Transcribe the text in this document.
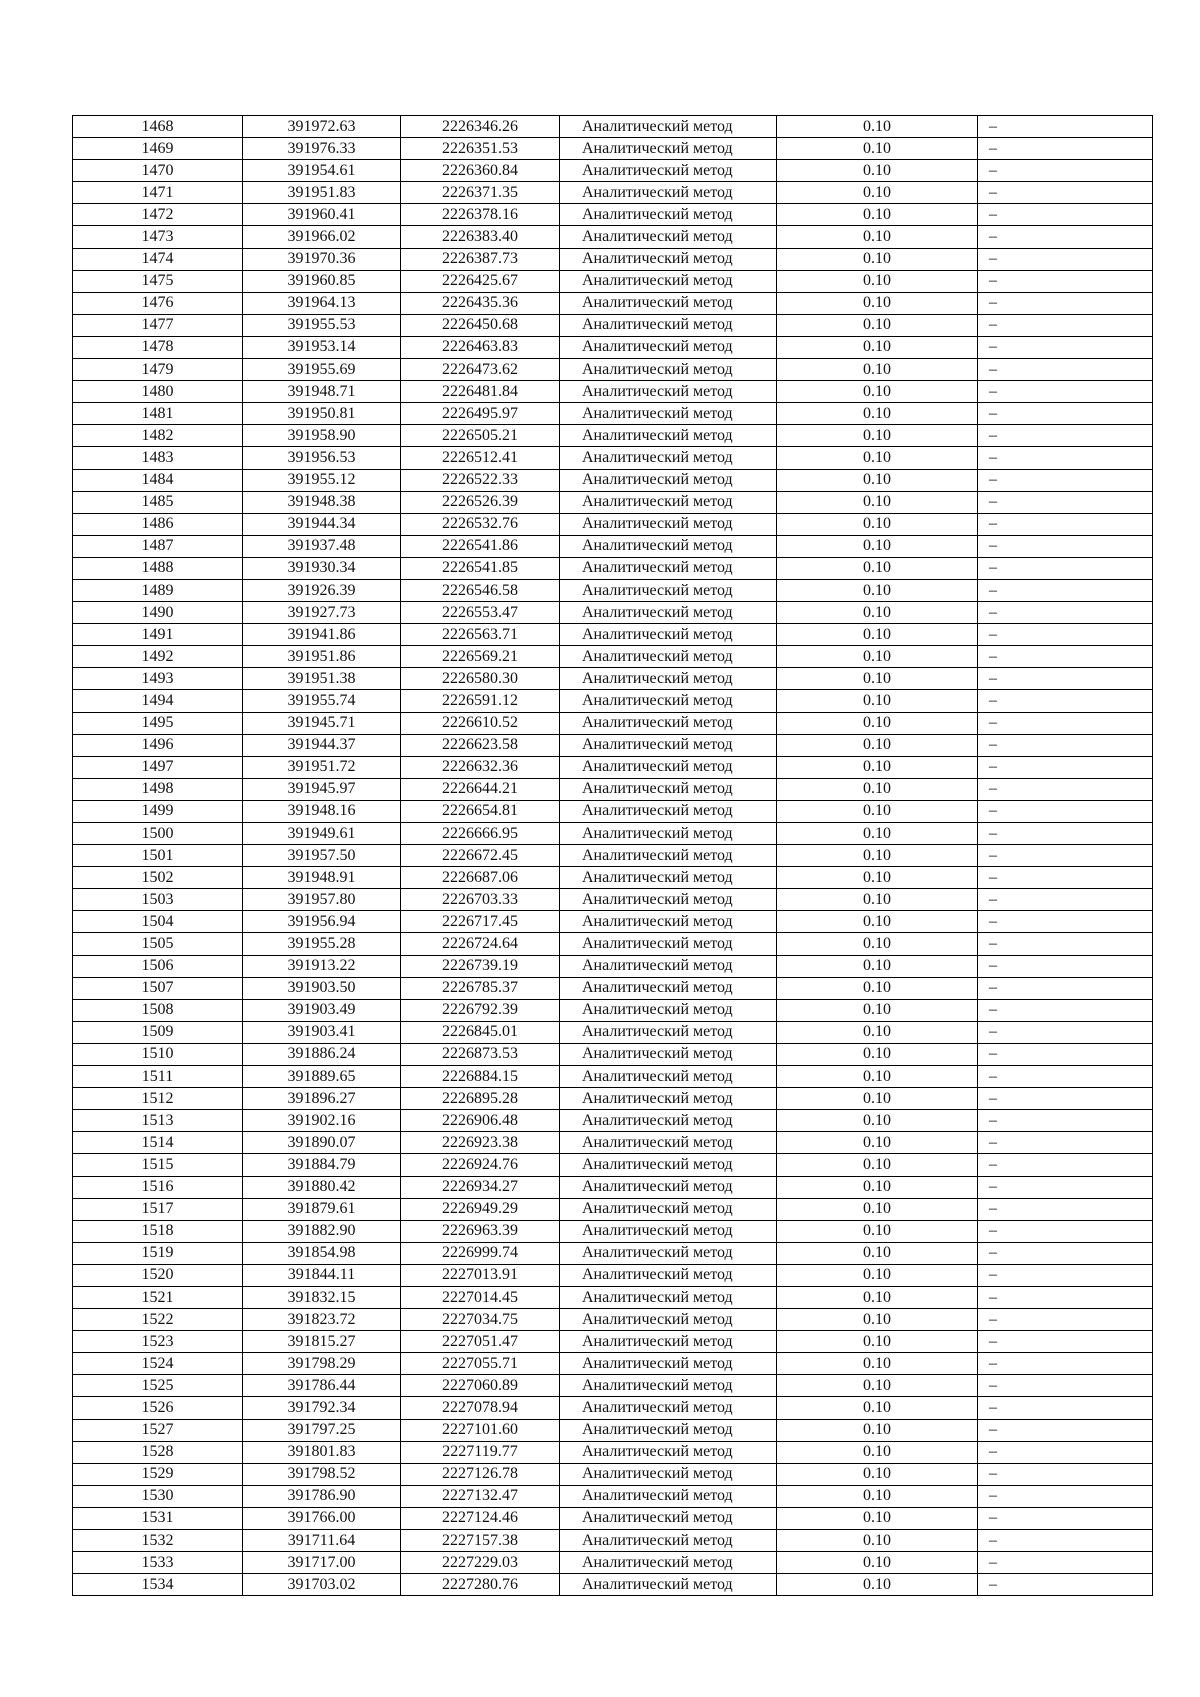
1468	391972.63	2226346.26	Аналитический метод	0.10	–
1469	391976.33	2226351.53	Аналитический метод	0.10	–
1470	391954.61	2226360.84	Аналитический метод	0.10	–
1471	391951.83	2226371.35	Аналитический метод	0.10	–
1472	391960.41	2226378.16	Аналитический метод	0.10	–
1473	391966.02	2226383.40	Аналитический метод	0.10	–
1474	391970.36	2226387.73	Аналитический метод	0.10	–
1475	391960.85	2226425.67	Аналитический метод	0.10	–
1476	391964.13	2226435.36	Аналитический метод	0.10	–
1477	391955.53	2226450.68	Аналитический метод	0.10	–
1478	391953.14	2226463.83	Аналитический метод	0.10	–
1479	391955.69	2226473.62	Аналитический метод	0.10	–
1480	391948.71	2226481.84	Аналитический метод	0.10	–
1481	391950.81	2226495.97	Аналитический метод	0.10	–
1482	391958.90	2226505.21	Аналитический метод	0.10	–
1483	391956.53	2226512.41	Аналитический метод	0.10	–
1484	391955.12	2226522.33	Аналитический метод	0.10	–
1485	391948.38	2226526.39	Аналитический метод	0.10	–
1486	391944.34	2226532.76	Аналитический метод	0.10	–
1487	391937.48	2226541.86	Аналитический метод	0.10	–
1488	391930.34	2226541.85	Аналитический метод	0.10	–
1489	391926.39	2226546.58	Аналитический метод	0.10	–
1490	391927.73	2226553.47	Аналитический метод	0.10	–
1491	391941.86	2226563.71	Аналитический метод	0.10	–
1492	391951.86	2226569.21	Аналитический метод	0.10	–
1493	391951.38	2226580.30	Аналитический метод	0.10	–
1494	391955.74	2226591.12	Аналитический метод	0.10	–
1495	391945.71	2226610.52	Аналитический метод	0.10	–
1496	391944.37	2226623.58	Аналитический метод	0.10	–
1497	391951.72	2226632.36	Аналитический метод	0.10	–
1498	391945.97	2226644.21	Аналитический метод	0.10	–
1499	391948.16	2226654.81	Аналитический метод	0.10	–
1500	391949.61	2226666.95	Аналитический метод	0.10	–
1501	391957.50	2226672.45	Аналитический метод	0.10	–
1502	391948.91	2226687.06	Аналитический метод	0.10	–
1503	391957.80	2226703.33	Аналитический метод	0.10	–
1504	391956.94	2226717.45	Аналитический метод	0.10	–
1505	391955.28	2226724.64	Аналитический метод	0.10	–
1506	391913.22	2226739.19	Аналитический метод	0.10	–
1507	391903.50	2226785.37	Аналитический метод	0.10	–
1508	391903.49	2226792.39	Аналитический метод	0.10	–
1509	391903.41	2226845.01	Аналитический метод	0.10	–
1510	391886.24	2226873.53	Аналитический метод	0.10	–
1511	391889.65	2226884.15	Аналитический метод	0.10	–
1512	391896.27	2226895.28	Аналитический метод	0.10	–
1513	391902.16	2226906.48	Аналитический метод	0.10	–
1514	391890.07	2226923.38	Аналитический метод	0.10	–
1515	391884.79	2226924.76	Аналитический метод	0.10	–
1516	391880.42	2226934.27	Аналитический метод	0.10	–
1517	391879.61	2226949.29	Аналитический метод	0.10	–
1518	391882.90	2226963.39	Аналитический метод	0.10	–
1519	391854.98	2226999.74	Аналитический метод	0.10	–
1520	391844.11	2227013.91	Аналитический метод	0.10	–
1521	391832.15	2227014.45	Аналитический метод	0.10	–
1522	391823.72	2227034.75	Аналитический метод	0.10	–
1523	391815.27	2227051.47	Аналитический метод	0.10	–
1524	391798.29	2227055.71	Аналитический метод	0.10	–
1525	391786.44	2227060.89	Аналитический метод	0.10	–
1526	391792.34	2227078.94	Аналитический метод	0.10	–
1527	391797.25	2227101.60	Аналитический метод	0.10	–
1528	391801.83	2227119.77	Аналитический метод	0.10	–
1529	391798.52	2227126.78	Аналитический метод	0.10	–
1530	391786.90	2227132.47	Аналитический метод	0.10	–
1531	391766.00	2227124.46	Аналитический метод	0.10	–
1532	391711.64	2227157.38	Аналитический метод	0.10	–
1533	391717.00	2227229.03	Аналитический метод	0.10	–
1534	391703.02	2227280.76	Аналитический метод	0.10	–
